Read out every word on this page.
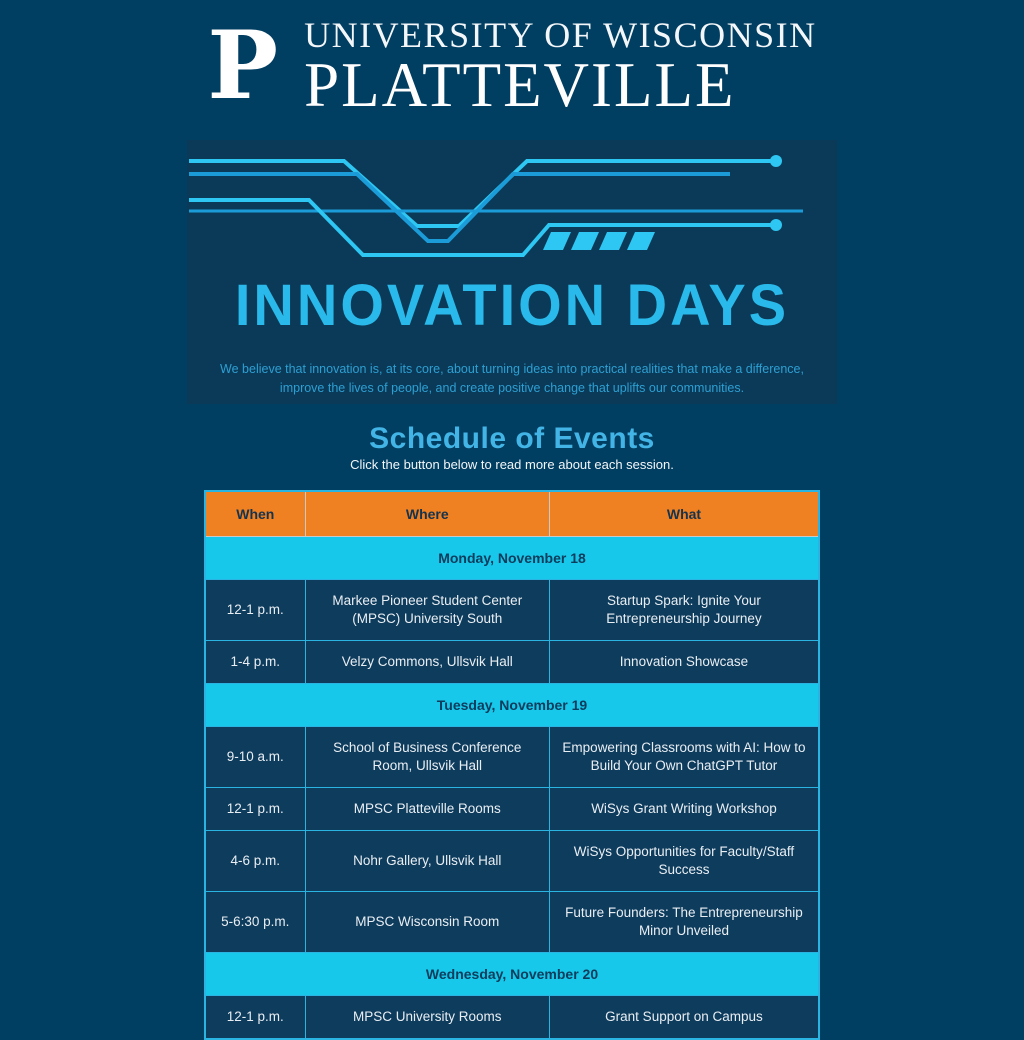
P UNIVERSITY OF WISCONSIN
PLATTEVILLE
INNOVATION DAYS
We believe that innovation is, at its core, about turning ideas into practical realities that make a difference,
improve the lives of people, and create positive change that uplifts our communities.
Schedule of Events
Click the button below to read more about each session.
When	Where	What
Monday, November 18		
12-1 p.m.	Markee Pioneer Student Center (MPSC) University South	Startup Spark: Ignite Your Entrepreneurship Journey
1-4 p.m.	Velzy Commons, Ullsvik Hall	Innovation Showcase
Tuesday, November 19		
9-10 a.m.	School of Business Conference Room, Ullsvik Hall	Empowering Classrooms with AI: How to Build Your Own ChatGPT Tutor
12-1 p.m.	MPSC Platteville Rooms	WiSys Grant Writing Workshop
4-6 p.m.	Nohr Gallery, Ullsvik Hall	WiSys Opportunities for Faculty/Staff Success
5-6:30 p.m.	MPSC Wisconsin Room	Future Founders: The Entrepreneurship Minor Unveiled
Wednesday, November 20		
12-1 p.m.	MPSC University Rooms	Grant Support on Campus
